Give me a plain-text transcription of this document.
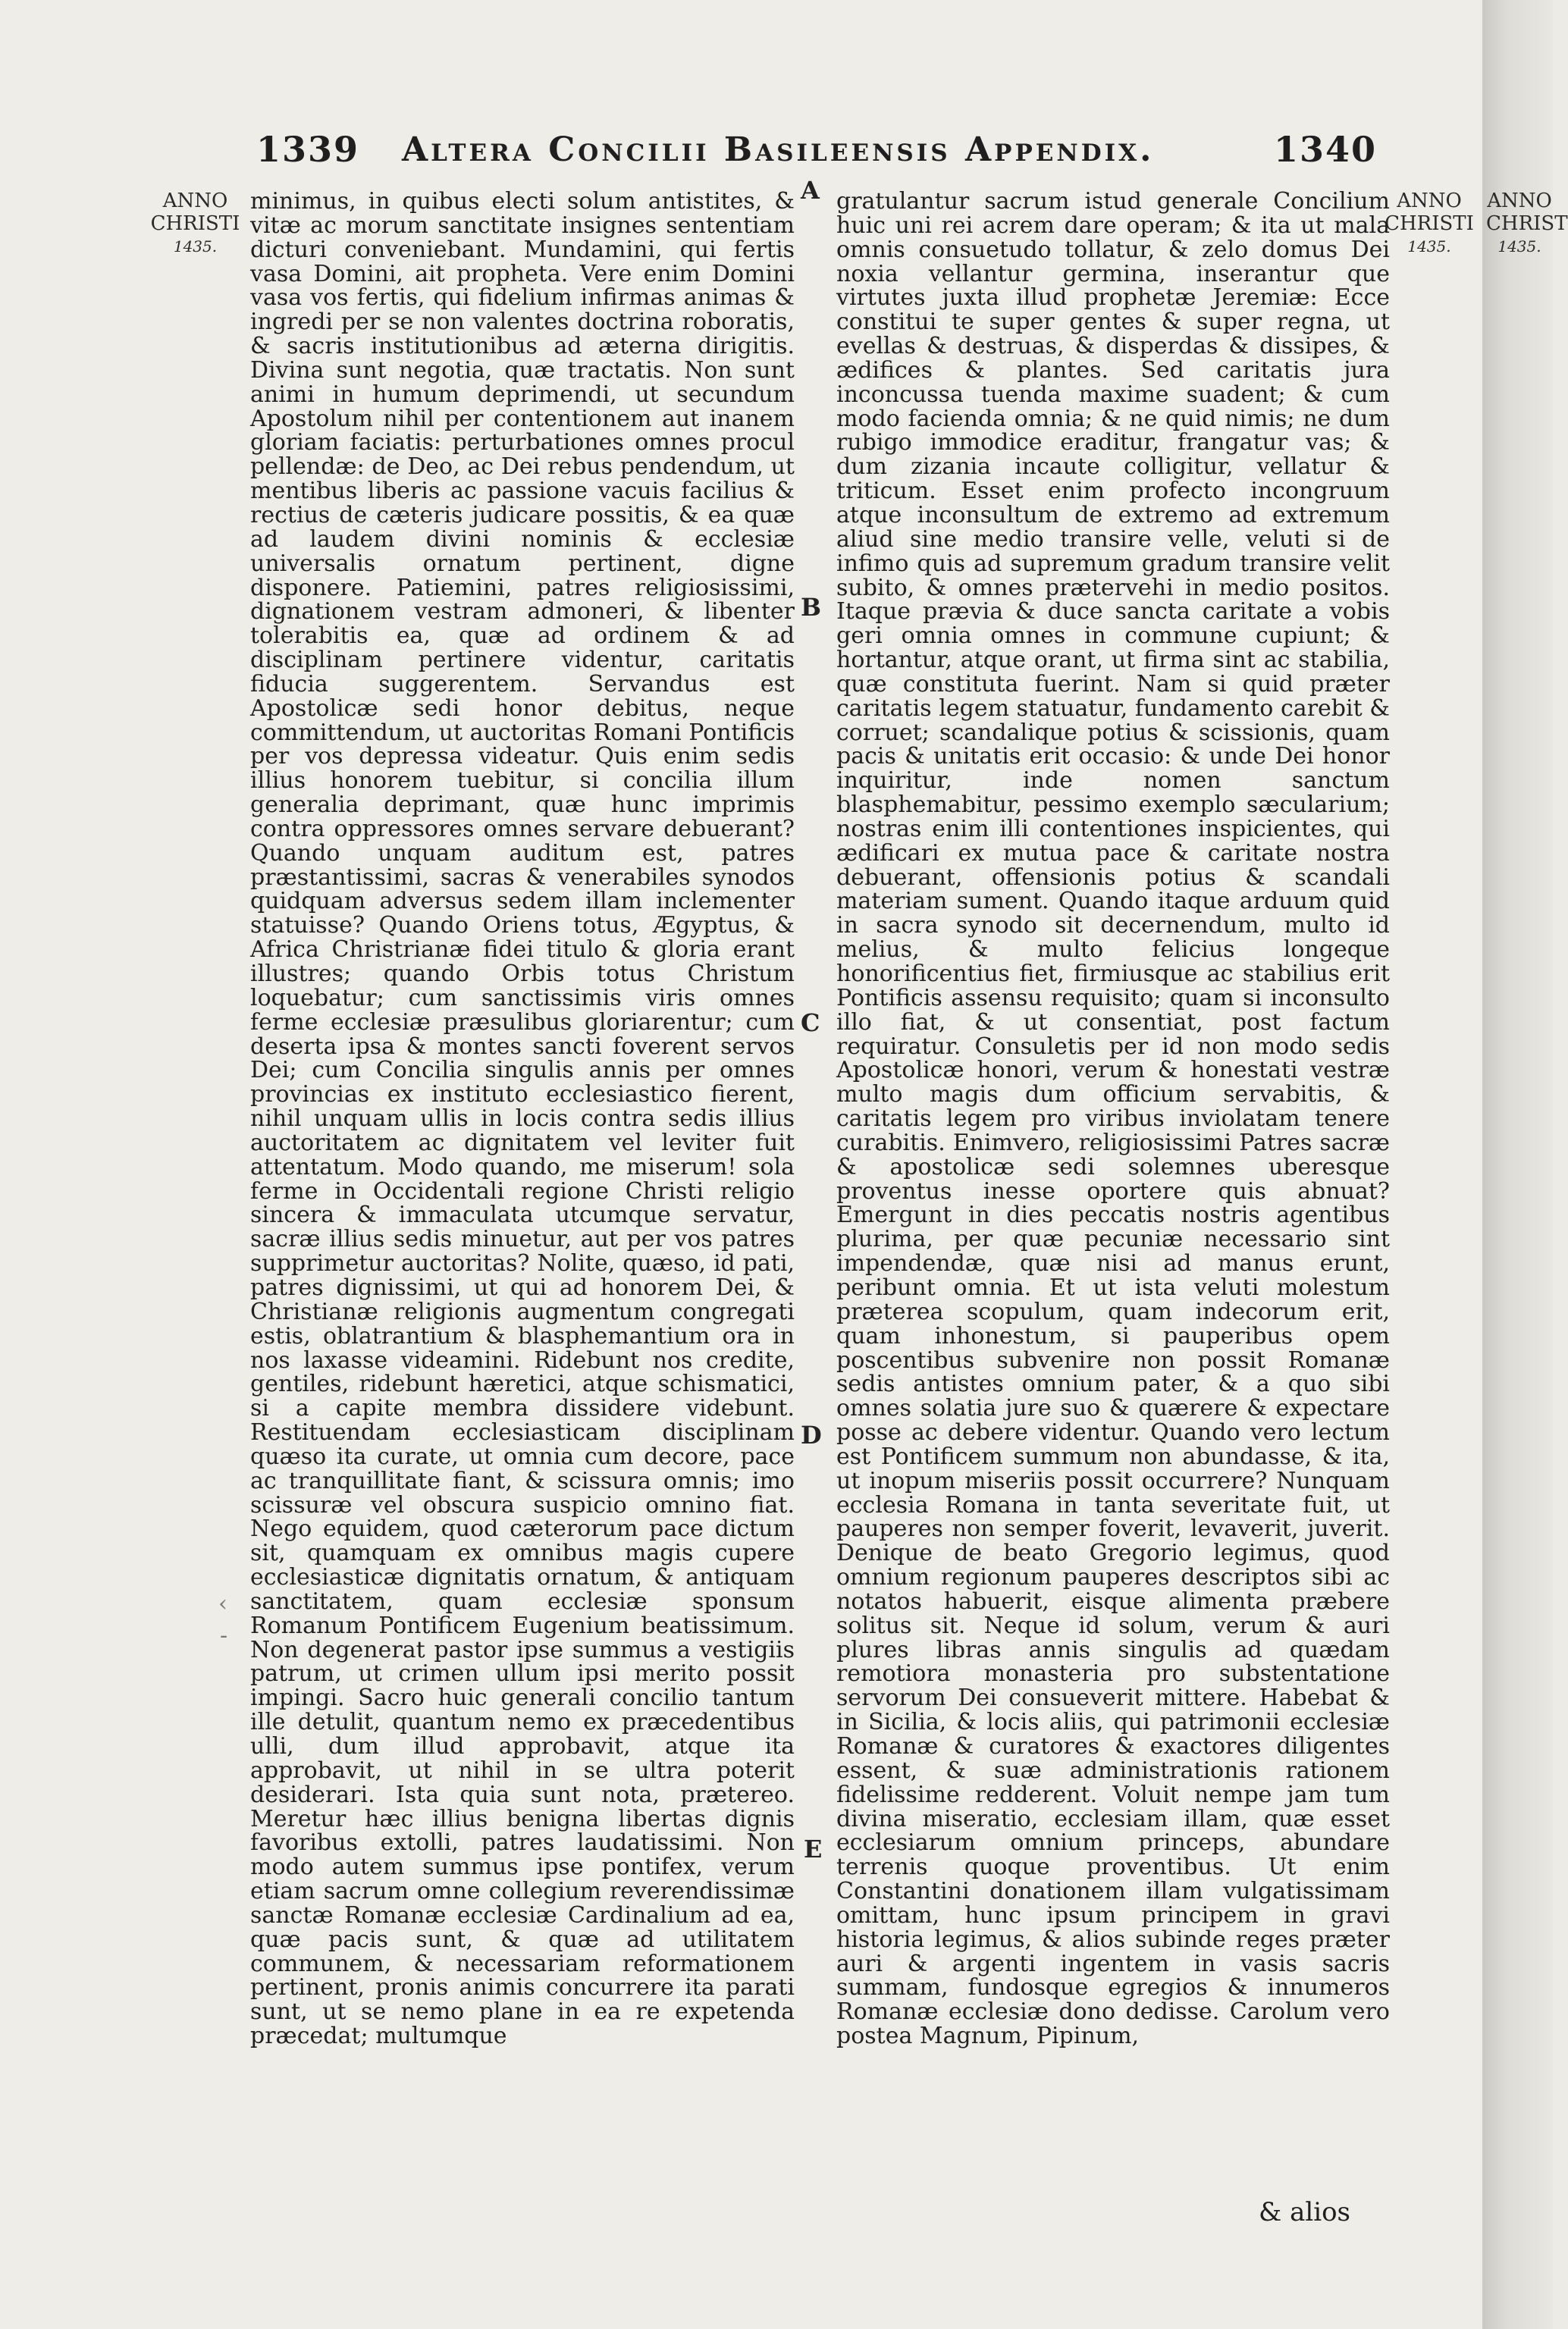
1339 Altera Concilii Basileensis Appendix.	1340
ANNO
CHRISTI
1435.
ANNO
CHRISTI
1435.
ANNO
CHRIST
1435.
A
B
C
D
E
‹
-

minimus, in quibus electi solum antistites, & vitæ ac morum sanctitate insignes sententiam dicturi conveniebant. Mundamini, qui fertis vasa Domini, ait propheta. Vere enim Domini vasa vos fertis, qui fidelium infirmas animas & ingredi per se non valentes doctrina roboratis, & sacris institutionibus ad æterna dirigitis. Divina sunt negotia, quæ tractatis. Non sunt animi in humum deprimendi, ut secundum Apostolum nihil per contentionem aut inanem gloriam faciatis: perturbationes omnes procul pellendæ: de Deo, ac Dei rebus pendendum, ut mentibus liberis ac passione vacuis facilius & rectius de cæteris judicare possitis, & ea quæ ad laudem divini nominis & ecclesiæ universalis ornatum pertinent, digne disponere. Patiemini, patres religiosissimi, dignationem vestram admoneri, & libenter tolerabitis ea, quæ ad ordinem & ad disciplinam pertinere videntur, caritatis fiducia suggerentem. Servandus est Apostolicæ sedi honor debitus, neque committendum, ut auctoritas Romani Pontificis per vos depressa videatur. Quis enim sedis illius honorem tuebitur, si concilia illum generalia deprimant, quæ hunc imprimis contra oppressores omnes servare debuerant? Quando unquam auditum est, patres præstantissimi, sacras & venerabiles synodos quidquam adversus sedem illam inclementer statuisse? Quando Oriens totus, Ægyptus, & Africa Christrianæ fidei titulo & gloria erant illustres; quando Orbis totus Christum loquebatur; cum sanctissimis viris omnes ferme ecclesiæ præsulibus gloriarentur; cum deserta ipsa & montes sancti foverent servos Dei; cum Concilia singulis annis per omnes provincias ex instituto ecclesiastico fierent, nihil unquam ullis in locis contra sedis illius auctoritatem ac dignitatem vel leviter fuit attentatum. Modo quando, me miserum! sola ferme in Occidentali regione Christi religio sincera & immaculata utcumque servatur, sacræ illius sedis minuetur, aut per vos patres supprimetur auctoritas? Nolite, quæso, id pati, patres dignissimi, ut qui ad honorem Dei, & Christianæ religionis augmentum congregati estis, oblatrantium & blasphemantium ora in nos laxasse videamini. Ridebunt nos credite, gentiles, ridebunt hæretici, atque schismatici, si a capite membra dissidere videbunt. Restituendam ecclesiasticam disciplinam quæso ita curate, ut omnia cum decore, pace ac tranquillitate fiant, & scissura omnis; imo scissuræ vel obscura suspicio omnino fiat. Nego equidem, quod cæterorum pace dictum sit, quamquam ex omnibus magis cupere ecclesiasticæ dignitatis ornatum, & antiquam sanctitatem, quam ecclesiæ sponsum Romanum Pontificem Eugenium beatissimum. Non degenerat pastor ipse summus a vestigiis patrum, ut crimen ullum ipsi merito possit impingi. Sacro huic generali concilio tantum ille detulit, quantum nemo ex præcedentibus ulli, dum illud approbavit, atque ita approbavit, ut nihil in se ultra poterit desiderari. Ista quia sunt nota, prætereo. Meretur hæc illius benigna libertas dignis favoribus extolli, patres laudatissimi. Non modo autem summus ipse pontifex, verum etiam sacrum omne collegium reverendissimæ sanctæ Romanæ ecclesiæ Cardinalium ad ea, quæ pacis sunt, & quæ ad utilitatem communem, & necessariam reformationem pertinent, pronis animis concurrere ita parati sunt, ut se nemo plane in ea re expetenda præcedat; multumque

gratulantur sacrum istud generale Concilium huic uni rei acrem dare operam; & ita ut mala omnis consuetudo tollatur, & zelo domus Dei noxia vellantur germina, inserantur que virtutes juxta illud prophetæ Jeremiæ: Ecce constitui te super gentes & super regna, ut evellas & destruas, & disperdas & dissipes, & ædifices & plantes. Sed caritatis jura inconcussa tuenda maxime suadent; & cum modo facienda omnia; & ne quid nimis; ne dum rubigo immodice eraditur, frangatur vas; & dum zizania incaute colligitur, vellatur & triticum. Esset enim profecto incongruum atque inconsultum de extremo ad extremum aliud sine medio transire velle, veluti si de infimo quis ad supremum gradum transire velit subito, & omnes prætervehi in medio positos. Itaque prævia & duce sancta caritate a vobis geri omnia omnes in commune cupiunt; & hortantur, atque orant, ut firma sint ac stabilia, quæ constituta fuerint. Nam si quid præter caritatis legem statuatur, fundamento carebit & corruet; scandalique potius & scissionis, quam pacis & unitatis erit occasio: & unde Dei honor inquiritur, inde nomen sanctum blasphemabitur, pessimo exemplo sæcularium; nostras enim illi contentiones inspicientes, qui ædificari ex mutua pace & caritate nostra debuerant, offensionis potius & scandali materiam sument. Quando itaque arduum quid in sacra synodo sit decernendum, multo id melius, & multo felicius longeque honorificentius fiet, firmiusque ac stabilius erit Pontificis assensu requisito; quam si inconsulto illo fiat, & ut consentiat, post factum requiratur. Consuletis per id non modo sedis Apostolicæ honori, verum & honestati vestræ multo magis dum officium servabitis, & caritatis legem pro viribus inviolatam tenere curabitis. Enimvero, religiosissimi Patres sacræ & apostolicæ sedi solemnes uberesque proventus inesse oportere quis abnuat? Emergunt in dies peccatis nostris agentibus plurima, per quæ pecuniæ necessario sint impendendæ, quæ nisi ad manus erunt, peribunt omnia. Et ut ista veluti molestum præterea scopulum, quam indecorum erit, quam inhonestum, si pauperibus opem poscentibus subvenire non possit Romanæ sedis antistes omnium pater, & a quo sibi omnes solatia jure suo & quærere & expectare posse ac debere videntur. Quando vero lectum est Pontificem summum non abundasse, & ita, ut inopum miseriis possit occurrere? Nunquam ecclesia Romana in tanta severitate fuit, ut pauperes non semper foverit, levaverit, juverit. Denique de beato Gregorio legimus, quod omnium regionum pauperes descriptos sibi ac notatos habuerit, eisque alimenta præbere solitus sit. Neque id solum, verum & auri plures libras annis singulis ad quædam remotiora monasteria pro substentatione servorum Dei consueverit mittere. Habebat & in Sicilia, & locis aliis, qui patrimonii ecclesiæ Romanæ & curatores & exactores diligentes essent, & suæ administrationis rationem fidelissime redderent. Voluit nempe jam tum divina miseratio, ecclesiam illam, quæ esset ecclesiarum omnium princeps, abundare terrenis quoque proventibus. Ut enim Constantini donationem illam vulgatissimam omittam, hunc ipsum principem in gravi historia legimus, & alios subinde reges præter auri & argenti ingentem in vasis sacris summam, fundosque egregios & innumeros Romanæ ecclesiæ dono dedisse. Carolum vero postea Magnum, Pipinum,

& alios
